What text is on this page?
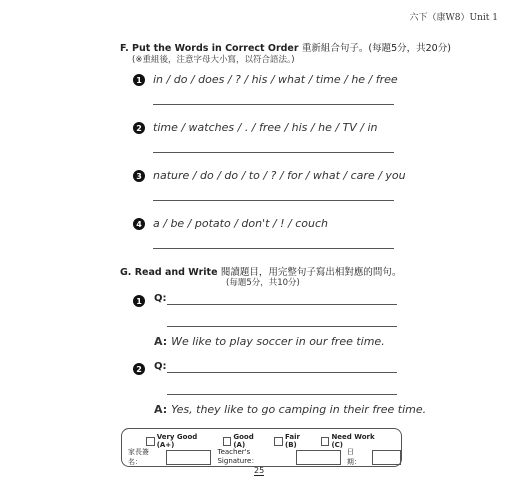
六下（康W8）Unit 1
F. Put the Words in Correct Order 重新組合句子。(每題5分，共20分)
(※重組後，注意字母大小寫，以符合語法。)
1 in / do / does / ? / his / what / time / he / free
2 time / watches / . / free / his / he / TV / in
3 nature / do / do / to / ? / for / what / care / you
4 a / be / potato / don't / ! / couch
G. Read and Write 閱讀題目，用完整句子寫出相對應的問句。
(每題5分，共10分)
1	Q:
A: We like to play soccer in our free time.
2	Q:
A: Yes, they like to go camping in their free time.
Very Good (A+)
Good (A)
Fair (B)
Need Work (C)
家長簽名：
Teacher's Signature：
日期：
25
